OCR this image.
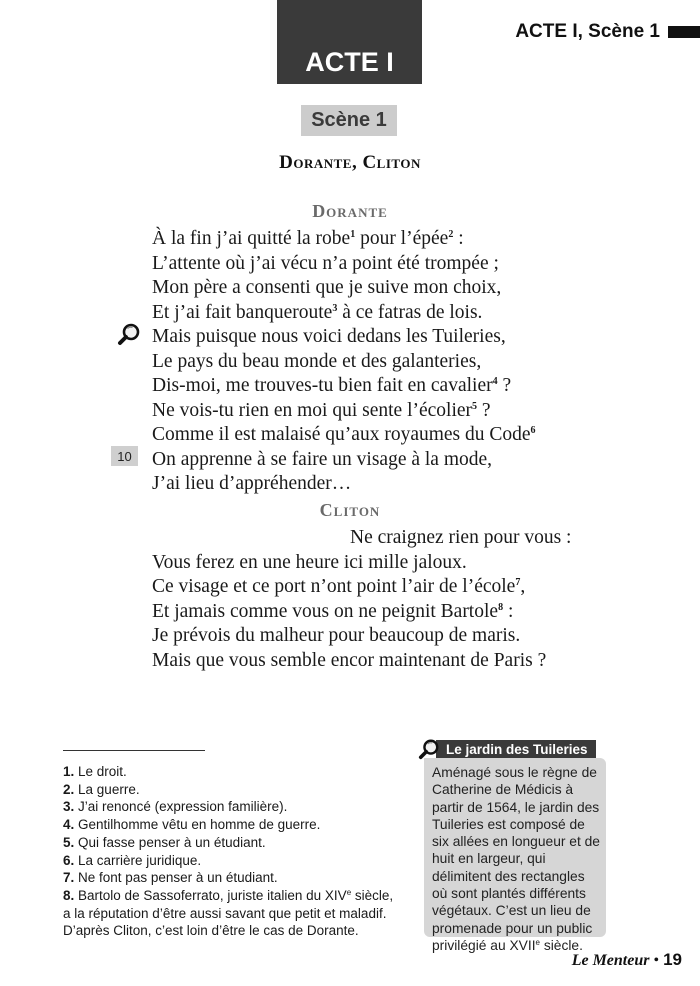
ACTE I, Scène 1
ACTE I
Scène 1
Dorante, Cliton
Dorante
À la fin j’ai quitté la robe$^1$ pour l’épée$^2$ :
L’attente où j’ai vécu n’a point été trompée ;
Mon père a consenti que je suive mon choix,
Et j’ai fait banqueroute$^3$ à ce fatras de lois.
Mais puisque nous voici dedans les Tuileries,
Le pays du beau monde et des galanteries,
Dis-moi, me trouves-tu bien fait en cavalier$^4$ ?
Ne vois-tu rien en moi qui sente l’écolier$^5$ ?
Comme il est malaisé qu’aux royaumes du Code$^6$
On apprenne à se faire un visage à la mode,
J’ai lieu d’appréhender…
Cliton
Ne craignez rien pour vous :
Vous ferez en une heure ici mille jaloux.
Ce visage et ce port n’ont point l’air de l’école$^7$,
Et jamais comme vous on ne peignit Bartole$^8$ :
Je prévois du malheur pour beaucoup de maris.
Mais que vous semble encor maintenant de Paris ?
10
1. Le droit.
2. La guerre.
3. J’ai renoncé (expression familière).
4. Gentilhomme vêtu en homme de guerre.
5. Qui fasse penser à un étudiant.
6. La carrière juridique.
7. Ne font pas penser à un étudiant.
8. Bartolo de Sassoferrato, juriste italien du XIVe siècle, a la réputation d’être aussi savant que petit et maladif. D’après Cliton, c’est loin d’être le cas de Dorante.
Le jardin des Tuileries
Aménagé sous le règne de Catherine de Médicis à partir de 1564, le jardin des Tuileries est composé de six allées en longueur et de huit en largeur, qui délimitent des rectangles où sont plantés différents végétaux. C’est un lieu de promenade pour un public privilégié au XVIIe siècle.
Le Menteur • 19
